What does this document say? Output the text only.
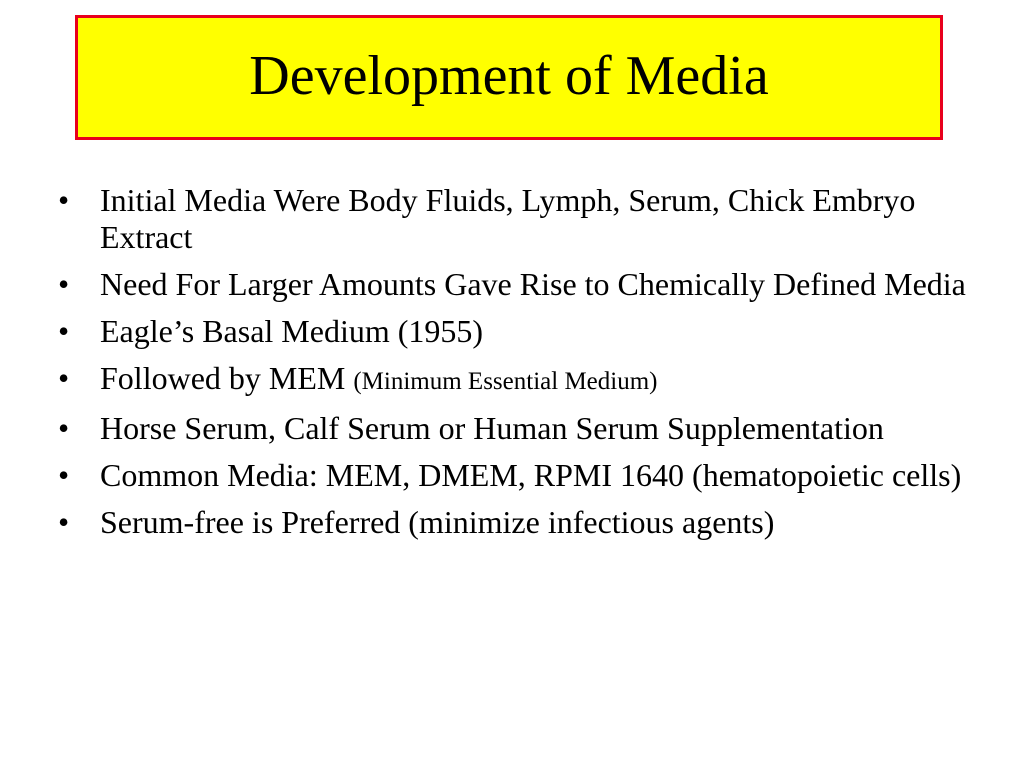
Development of Media
• Initial Media Were Body Fluids, Lymph, Serum, Chick Embryo Extract
• Need For Larger Amounts Gave Rise to Chemically Defined Media
• Eagle’s Basal Medium (1955)
• Followed by MEM (Minimum Essential Medium)
• Horse Serum, Calf Serum or Human Serum Supplementation
• Common Media: MEM, DMEM, RPMI 1640 (hematopoietic cells)
• Serum-free is Preferred (minimize infectious agents)
